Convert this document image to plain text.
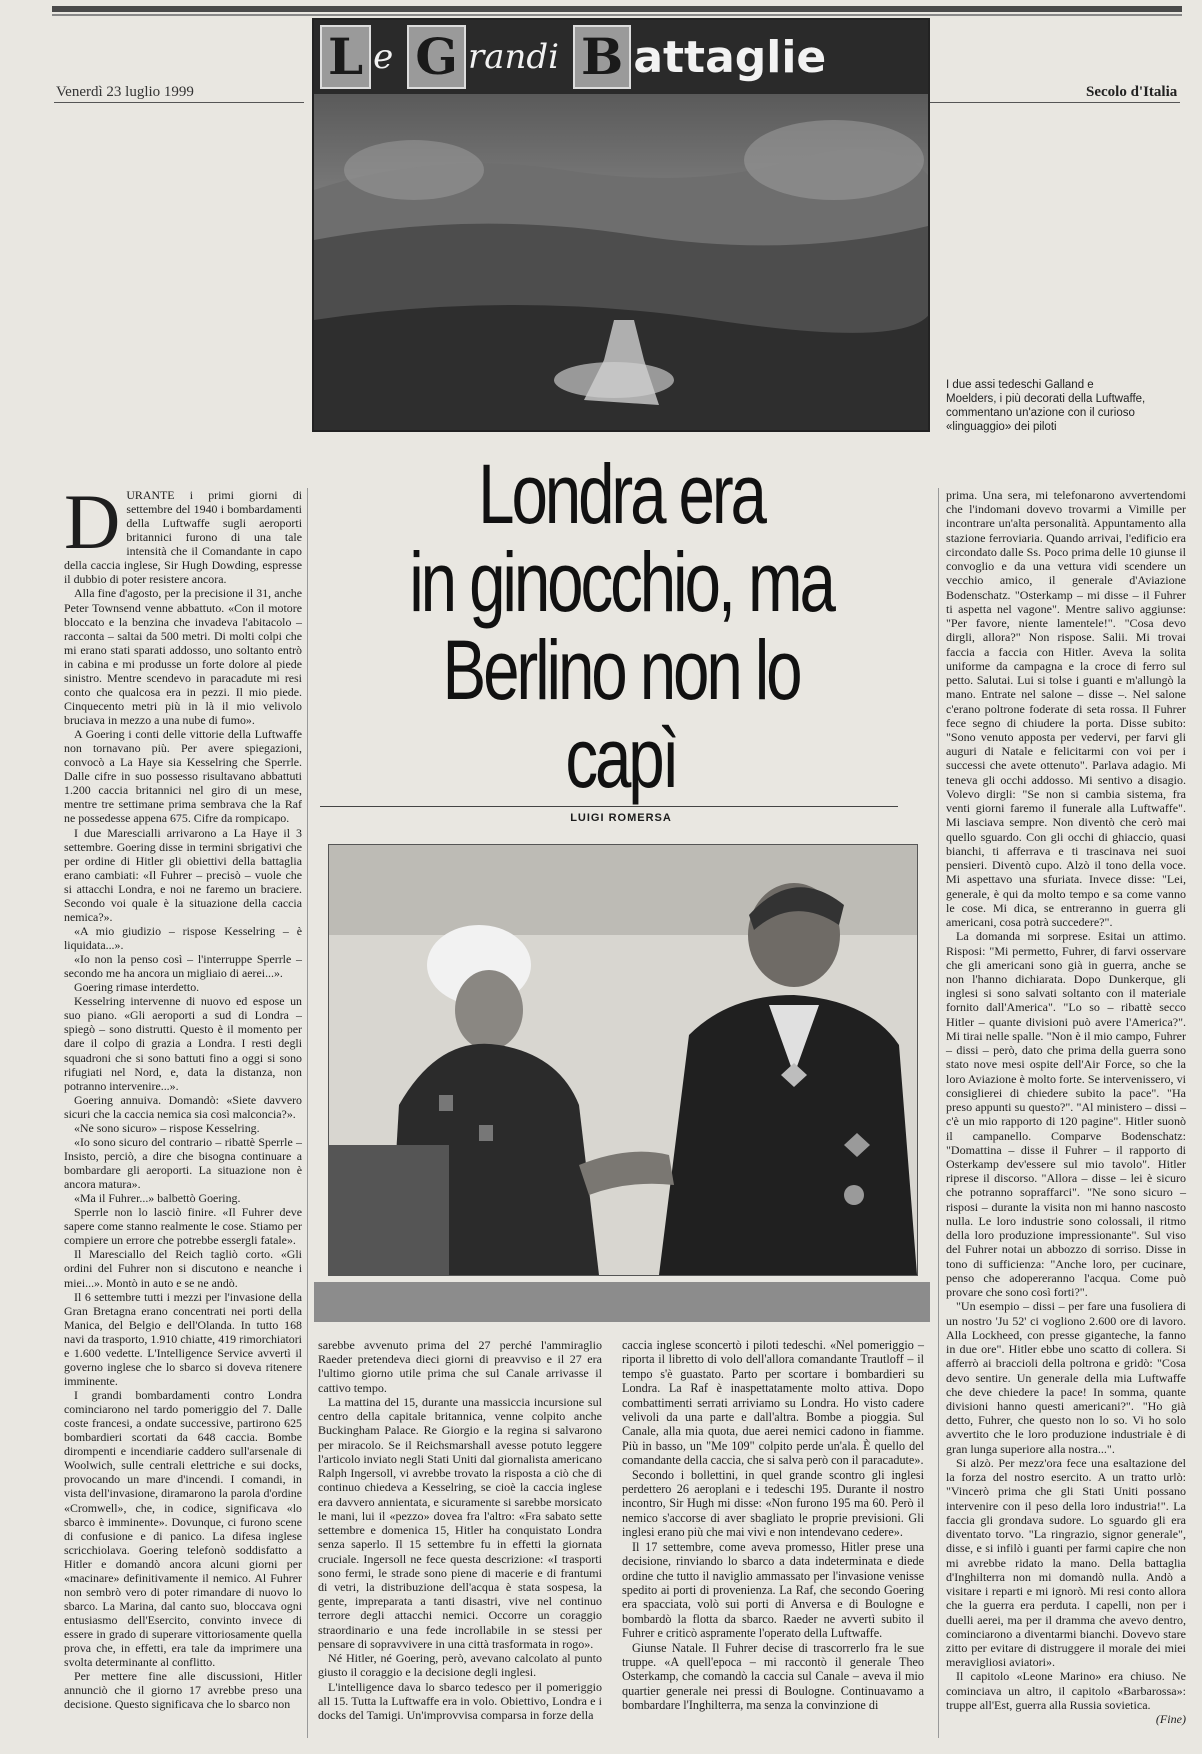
Venerdì 23 luglio 1999	Secolo d'Italia
L e G randi B attaglie
I due assi tedeschi Galland e Moelders, i più decorati della Luftwaffe, commentano un'azione con il curioso «linguaggio» dei piloti
Londra era
in ginocchio, ma
Berlino non lo capì
LUIGI ROMERSA

DURANTE i primi giorni di settembre del 1940 i bombardamenti della Luftwaffe sugli aeroporti britannici furono di una tale intensità che il Comandante in capo della caccia inglese, Sir Hugh Dowding, espresse il dubbio di poter resistere ancora.

Alla fine d'agosto, per la precisione il 31, anche Peter Townsend venne abbattuto. «Con il motore bloccato e la benzina che invadeva l'abitacolo – racconta – saltai da 500 metri. Di molti colpi che mi erano stati sparati addosso, uno soltanto entrò in cabina e mi produsse un forte dolore al piede sinistro. Mentre scendevo in paracadute mi resi conto che qualcosa era in pezzi. Il mio piede. Cinquecento metri più in là il mio velivolo bruciava in mezzo a una nube di fumo».

A Goering i conti delle vittorie della Luftwaffe non tornavano più. Per avere spiegazioni, convocò a La Haye sia Kesselring che Sperrle. Dalle cifre in suo possesso risultavano abbattuti 1.200 caccia britannici nel giro di un mese, mentre tre settimane prima sembrava che la Raf ne possedesse appena 675. Cifre da rompicapo.

I due Marescialli arrivarono a La Haye il 3 settembre. Goering disse in termini sbrigativi che per ordine di Hitler gli obiettivi della battaglia erano cambiati: «Il Fuhrer – precisò – vuole che si attacchi Londra, e noi ne faremo un braciere. Secondo voi quale è la situazione della caccia nemica?».

«A mio giudizio – rispose Kesselring – è liquidata...».

«Io non la penso così – l'interruppe Sperrle – secondo me ha ancora un migliaio di aerei...».

Goering rimase interdetto.

Kesselring intervenne di nuovo ed espose un suo piano. «Gli aeroporti a sud di Londra – spiegò – sono distrutti. Questo è il momento per dare il colpo di grazia a Londra. I resti degli squadroni che si sono battuti fino a oggi si sono rifugiati nel Nord, e, data la distanza, non potranno intervenire...».

Goering annuiva. Domandò: «Siete davvero sicuri che la caccia nemica sia così malconcia?».

«Ne sono sicuro» – rispose Kesselring.

«Io sono sicuro del contrario – ribattè Sperrle – Insisto, perciò, a dire che bisogna continuare a bombardare gli aeroporti. La situazione non è ancora matura».

«Ma il Fuhrer...» balbettò Goering.

Sperrle non lo lasciò finire. «Il Fuhrer deve sapere come stanno realmente le cose. Stiamo per compiere un errore che potrebbe essergli fatale».

Il Maresciallo del Reich tagliò corto. «Gli ordini del Fuhrer non si discutono e neanche i miei...». Montò in auto e se ne andò.

Il 6 settembre tutti i mezzi per l'invasione della Gran Bretagna erano concentrati nei porti della Manica, del Belgio e dell'Olanda. In tutto 168 navi da trasporto, 1.910 chiatte, 419 rimorchiatori e 1.600 vedette. L'Intelligence Service avvertì il governo inglese che lo sbarco si doveva ritenere imminente.

I grandi bombardamenti contro Londra cominciarono nel tardo pomeriggio del 7. Dalle coste francesi, a ondate successive, partirono 625 bombardieri scortati da 648 caccia. Bombe dirompenti e incendiarie caddero sull'arsenale di Woolwich, sulle centrali elettriche e sui docks, provocando un mare d'incendi. I comandi, in vista dell'invasione, diramarono la parola d'ordine «Cromwell», che, in codice, significava «lo sbarco è imminente». Dovunque, ci furono scene di confusione e di panico. La difesa inglese scricchiolava. Goering telefonò soddisfatto a Hitler e domandò ancora alcuni giorni per «macinare» definitivamente il nemico. Al Fuhrer non sembrò vero di poter rimandare di nuovo lo sbarco. La Marina, dal canto suo, bloccava ogni entusiasmo dell'Esercito, convinto invece di essere in grado di superare vittoriosamente quella prova che, in effetti, era tale da imprimere una svolta determinante al conflitto.

Per mettere fine alle discussioni, Hitler annunciò che il giorno 17 avrebbe preso una decisione. Questo significava che lo sbarco non

sarebbe avvenuto prima del 27 perché l'ammiraglio Raeder pretendeva dieci giorni di preavviso e il 27 era l'ultimo giorno utile prima che sul Canale arrivasse il cattivo tempo.

La mattina del 15, durante una massiccia incursione sul centro della capitale britannica, venne colpito anche Buckingham Palace. Re Giorgio e la regina si salvarono per miracolo. Se il Reichsmarshall avesse potuto leggere l'articolo inviato negli Stati Uniti dal giornalista americano Ralph Ingersoll, vi avrebbe trovato la risposta a ciò che di continuo chiedeva a Kesselring, se cioè la caccia inglese era davvero annientata, e sicuramente si sarebbe morsicato le mani, lui il «pezzo» dovea fra l'altro: «Fra sabato sette settembre e domenica 15, Hitler ha conquistato Londra senza saperlo. Il 15 settembre fu in effetti la giornata cruciale. Ingersoll ne fece questa descrizione: «I trasporti sono fermi, le strade sono piene di macerie e di frantumi di vetri, la distribuzione dell'acqua è stata sospesa, la gente, impreparata a tanti disastri, vive nel continuo terrore degli attacchi nemici. Occorre un coraggio straordinario e una fede incrollabile in se stessi per pensare di sopravvivere in una città trasformata in rogo».

Né Hitler, né Goering, però, avevano calcolato al punto giusto il coraggio e la decisione degli inglesi.

L'intelligence dava lo sbarco tedesco per il pomeriggio all 15. Tutta la Luftwaffe era in volo. Obiettivo, Londra e i docks del Tamigi. Un'improvvisa comparsa in forze della

caccia inglese sconcertò i piloti tedeschi. «Nel pomeriggio – riporta il libretto di volo dell'allora comandante Trautloff – il tempo s'è guastato. Parto per scortare i bombardieri su Londra. La Raf è inaspettatamente molto attiva. Dopo combattimenti serrati arriviamo su Londra. Ho visto cadere velivoli da una parte e dall'altra. Bombe a pioggia. Sul Canale, alla mia quota, due aerei nemici cadono in fiamme. Più in basso, un "Me 109" colpito perde un'ala. È quello del comandante della caccia, che si salva però con il paracadute».

Secondo i bollettini, in quel grande scontro gli inglesi perdettero 26 aeroplani e i tedeschi 195. Durante il nostro incontro, Sir Hugh mi disse: «Non furono 195 ma 60. Però il nemico s'accorse di aver sbagliato le proprie previsioni. Gli inglesi erano più che mai vivi e non intendevano cedere».

Il 17 settembre, come aveva promesso, Hitler prese una decisione, rinviando lo sbarco a data indeterminata e diede ordine che tutto il naviglio ammassato per l'invasione venisse spedito ai porti di provenienza. La Raf, che secondo Goering era spacciata, volò sui porti di Anversa e di Boulogne e bombardò la flotta da sbarco. Raeder ne avvertì subito il Fuhrer e criticò aspramente l'operato della Luftwaffe.

Giunse Natale. Il Fuhrer decise di trascorrerlo fra le sue truppe. «A quell'epoca – mi raccontò il generale Theo Osterkamp, che comandò la caccia sul Canale – aveva il mio quartier generale nei pressi di Boulogne. Continuavamo a bombardare l'Inghilterra, ma senza la convinzione di

prima. Una sera, mi telefonarono avvertendomi che l'indomani dovevo trovarmi a Vimille per incontrare un'alta personalità. Appuntamento alla stazione ferroviaria. Quando arrivai, l'edificio era circondato dalle Ss. Poco prima delle 10 giunse il convoglio e da una vettura vidi scendere un vecchio amico, il generale d'Aviazione Bodenschatz. "Osterkamp – mi disse – il Fuhrer ti aspetta nel vagone". Mentre salivo aggiunse: "Per favore, niente lamentele!". "Cosa devo dirgli, allora?" Non rispose. Salii. Mi trovai faccia a faccia con Hitler. Aveva la solita uniforme da campagna e la croce di ferro sul petto. Salutai. Lui si tolse i guanti e m'allungò la mano. Entrate nel salone – disse –. Nel salone c'erano poltrone foderate di seta rossa. Il Fuhrer fece segno di chiudere la porta. Disse subito: "Sono venuto apposta per vedervi, per farvi gli auguri di Natale e felicitarmi con voi per i successi che avete ottenuto". Parlava adagio. Mi teneva gli occhi addosso. Mi sentivo a disagio. Volevo dirgli: "Se non si cambia sistema, fra venti giorni faremo il funerale alla Luftwaffe". Mi lasciava sempre. Non diventò che cerò mai quello sguardo. Con gli occhi di ghiaccio, quasi bianchi, ti afferrava e ti trascinava nei suoi pensieri. Diventò cupo. Alzò il tono della voce. Mi aspettavo una sfuriata. Invece disse: "Lei, generale, è qui da molto tempo e sa come vanno le cose. Mi dica, se entreranno in guerra gli americani, cosa potrà succedere?".

La domanda mi sorprese. Esitai un attimo. Risposi: "Mi permetto, Fuhrer, di farvi osservare che gli americani sono già in guerra, anche se non l'hanno dichiarata. Dopo Dunkerque, gli inglesi si sono salvati soltanto con il materiale fornito dall'America". "Lo so – ribattè secco Hitler – quante divisioni può avere l'America?". Mi tirai nelle spalle. "Non è il mio campo, Fuhrer – dissi – però, dato che prima della guerra sono stato nove mesi ospite dell'Air Force, so che la loro Aviazione è molto forte. Se intervenissero, vi consiglierei di chiedere subito la pace". "Ha preso appunti su questo?". "Al ministero – dissi – c'è un mio rapporto di 120 pagine". Hitler suonò il campanello. Comparve Bodenschatz: "Domattina – disse il Fuhrer – il rapporto di Osterkamp dev'essere sul mio tavolo". Hitler riprese il discorso. "Allora – disse – lei è sicuro che potranno sopraffarci". "Ne sono sicuro – risposi – durante la visita non mi hanno nascosto nulla. Le loro industrie sono colossali, il ritmo della loro produzione impressionante". Sul viso del Fuhrer notai un abbozzo di sorriso. Disse in tono di sufficienza: "Anche loro, per cucinare, penso che adopereranno l'acqua. Come può provare che sono così forti?".

"Un esempio – dissi – per fare una fusoliera di un nostro 'Ju 52' ci vogliono 2.600 ore di lavoro. Alla Lockheed, con presse giganteche, la fanno in due ore". Hitler ebbe uno scatto di collera. Si afferrò ai braccioli della poltrona e gridò: "Cosa devo sentire. Un generale della mia Luftwaffe che deve chiedere la pace! In somma, quante divisioni hanno questi americani?". "Ho già detto, Fuhrer, che questo non lo so. Vi ho solo avvertito che le loro produzione industriale è di gran lunga superiore alla nostra...".

Si alzò. Per mezz'ora fece una esaltazione del la forza del nostro esercito. A un tratto urlò: "Vincerò prima che gli Stati Uniti possano intervenire con il peso della loro industria!". La faccia gli grondava sudore. Lo sguardo gli era diventato torvo. "La ringrazio, signor generale", disse, e si infilò i guanti per farmi capire che non mi avrebbe ridato la mano. Della battaglia d'Inghilterra non mi domandò nulla. Andò a visitare i reparti e mi ignorò. Mi resi conto allora che la guerra era perduta. I capelli, non per i duelli aerei, ma per il dramma che avevo dentro, cominciarono a diventarmi bianchi. Dovevo stare zitto per evitare di distruggere il morale dei miei meravigliosi aviatori».

Il capitolo «Leone Marino» era chiuso. Ne cominciava un altro, il capitolo «Barbarossa»: truppe all'Est, guerra alla Russia sovietica.

(Fine)
